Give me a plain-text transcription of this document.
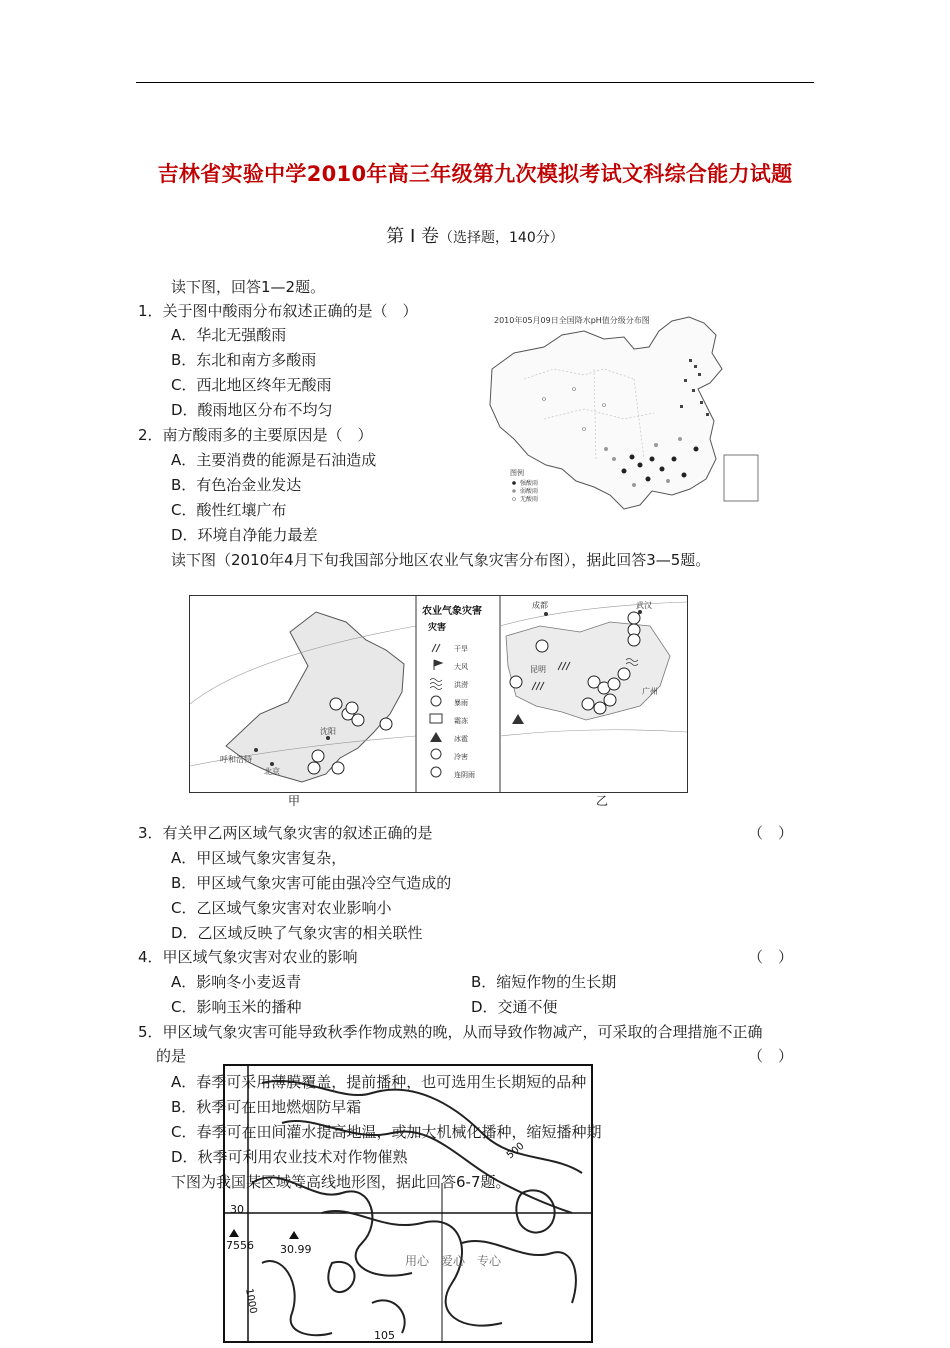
吉林省实验中学2010年高三年级第九次模拟考试文科综合能力试题
第 I 卷（选择题，140分）
读下图，回答1—2题。
1．关于图中酸雨分布叙述正确的是（　）
A．华北无强酸雨
B．东北和南方多酸雨
C．西北地区终年无酸雨
D．酸雨地区分布不均匀
2．南方酸雨多的主要原因是（　）
A．主要消费的能源是石油造成
B．有色冶金业发达
C．酸性红壤广布
D．环境自净能力最差
读下图（2010年4月下旬我国部分地区农业气象灾害分布图），据此回答3—5题。
2010年05月09日全国降水pH值分级分布图
图例
强酸雨
弱酸雨
无酸雨
呼和浩特
北京
沈阳
农业气象灾害
灾害
干旱
大风
洪涝
暴雨
霜冻
冰雹
冷害
连阴雨
成都	武汉
昆明
广州
甲	乙
3．有关甲乙两区域气象灾害的叙述正确的是	（　）
A．甲区域气象灾害复杂，
B．甲区域气象灾害可能由强冷空气造成的
C．乙区域气象灾害对农业影响小
D．乙区域反映了气象灾害的相关联性
4．甲区域气象灾害对农业的影响	（　）
A．影响冬小麦返青	B．缩短作物的生长期
C．影响玉米的播种	D．交通不便
30
7556 30.99
1000
500
105
5．甲区域气象灾害可能导致秋季作物成熟的晚，从而导致作物减产，可采取的合理措施不正确
的是	（　）
A．春季可采用薄膜覆盖，提前播种，也可选用生长期短的品种
B．秋季可在田地燃烟防早霜
C．春季可在田间灌水提高地温，或加大机械化播种，缩短播种期
D．秋季可利用农业技术对作物催熟
下图为我国某区域等高线地形图，据此回答6-7题。
用心　爱心　专心
